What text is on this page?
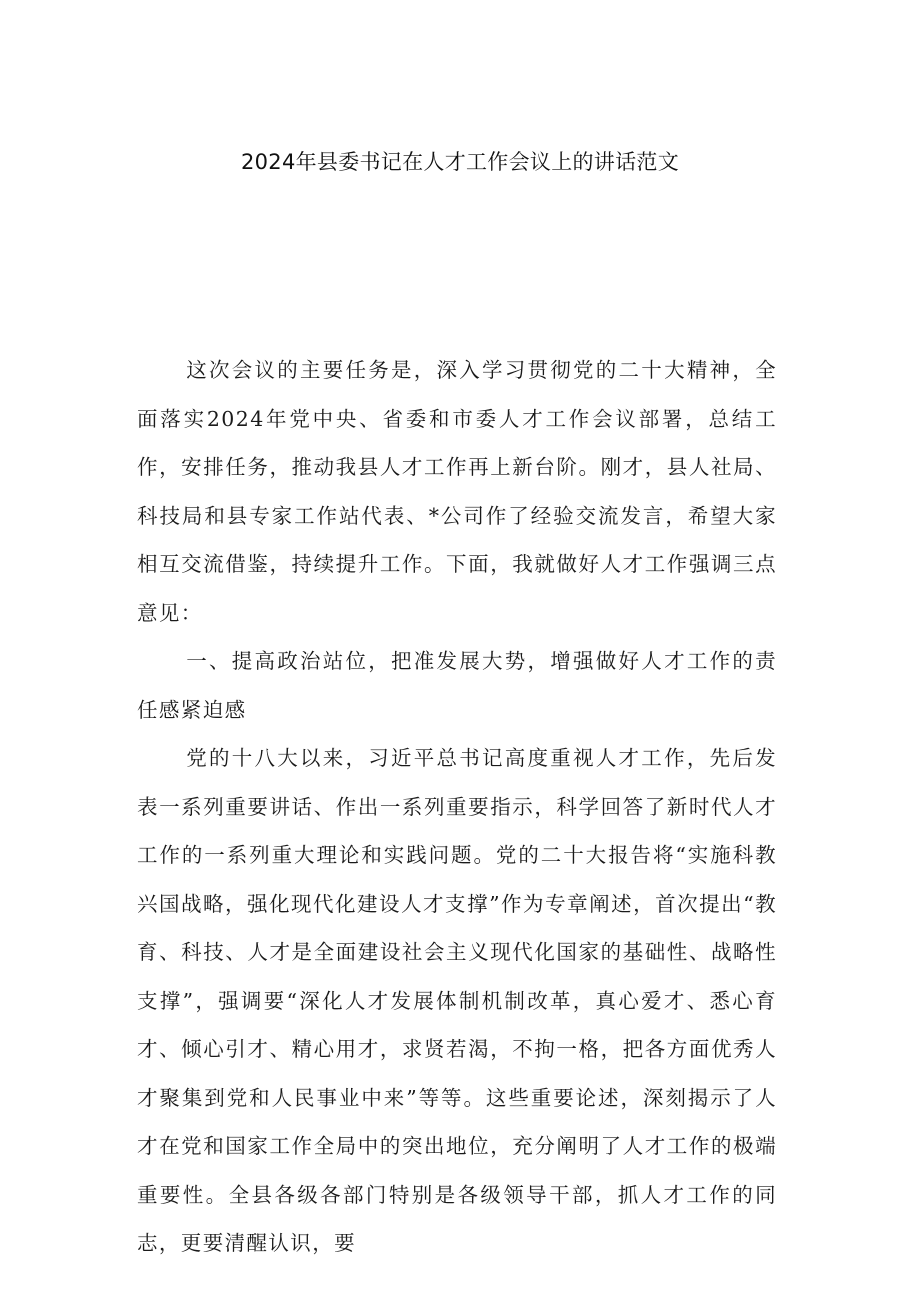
2024年县委书记在人才工作会议上的讲话范文

这次会议的主要任务是，深入学习贯彻党的二十大精神，全面落实2024年党中央、省委和市委人才工作会议部署，总结工作，安排任务，推动我县人才工作再上新台阶。刚才，县人社局、科技局和县专家工作站代表、*公司作了经验交流发言，希望大家相互交流借鉴，持续提升工作。下面，我就做好人才工作强调三点意见：

一、提高政治站位，把准发展大势，增强做好人才工作的责任感紧迫感

党的十八大以来，习近平总书记高度重视人才工作，先后发表一系列重要讲话、作出一系列重要指示，科学回答了新时代人才工作的一系列重大理论和实践问题。党的二十大报告将“实施科教兴国战略，强化现代化建设人才支撑”作为专章阐述，首次提出“教育、科技、人才是全面建设社会主义现代化国家的基础性、战略性支撑”，强调要“深化人才发展体制机制改革，真心爱才、悉心育才、倾心引才、精心用才，求贤若渴，不拘一格，把各方面优秀人才聚集到党和人民事业中来”等等。这些重要论述，深刻揭示了人才在党和国家工作全局中的突出地位，充分阐明了人才工作的极端重要性。全县各级各部门特别是各级领导干部，抓人才工作的同志，更要清醒认识，要
